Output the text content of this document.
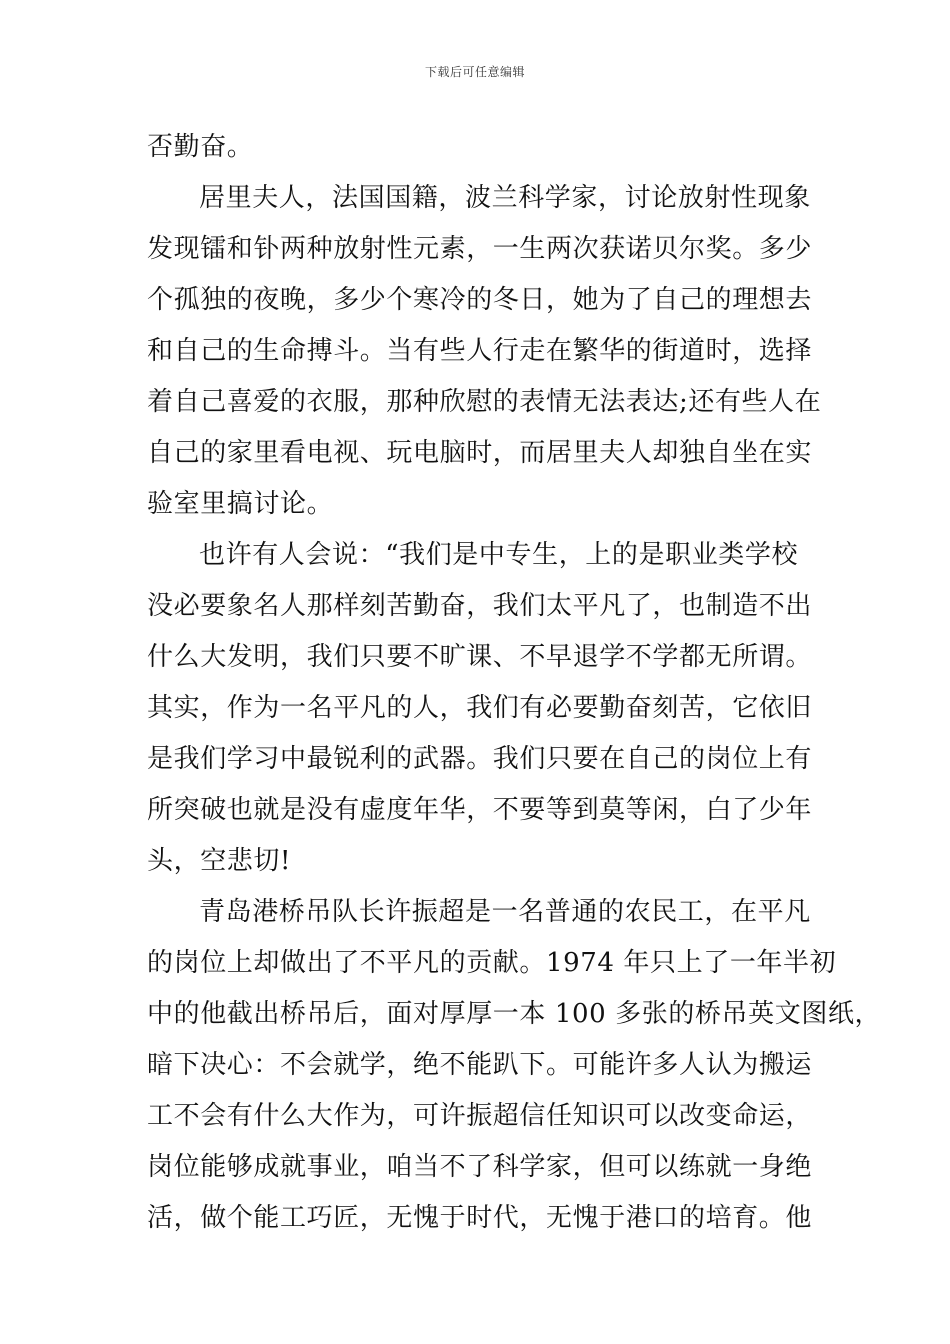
下载后可任意编辑
否勤奋。
居里夫人，法国国籍，波兰科学家，讨论放射性现象
发现镭和钋两种放射性元素，一生两次获诺贝尔奖。多少
个孤独的夜晚，多少个寒冷的冬日，她为了自己的理想去
和自己的生命搏斗。当有些人行走在繁华的街道时，选择
着自己喜爱的衣服，那种欣慰的表情无法表达;还有些人在
自己的家里看电视、玩电脑时，而居里夫人却独自坐在实
验室里搞讨论。
也许有人会说：“我们是中专生，上的是职业类学校
没必要象名人那样刻苦勤奋，我们太平凡了，也制造不出
什么大发明，我们只要不旷课、不早退学不学都无所谓。
其实，作为一名平凡的人，我们有必要勤奋刻苦，它依旧
是我们学习中最锐利的武器。我们只要在自己的岗位上有
所突破也就是没有虚度年华，不要等到莫等闲，白了少年
头，空悲切!
青岛港桥吊队长许振超是一名普通的农民工，在平凡
的岗位上却做出了不平凡的贡献。1974 年只上了一年半初
中的他截出桥吊后，面对厚厚一本 100 多张的桥吊英文图纸，
暗下决心：不会就学，绝不能趴下。可能许多人认为搬运
工不会有什么大作为，可许振超信任知识可以改变命运，
岗位能够成就事业，咱当不了科学家，但可以练就一身绝
活，做个能工巧匠，无愧于时代，无愧于港口的培育。他
